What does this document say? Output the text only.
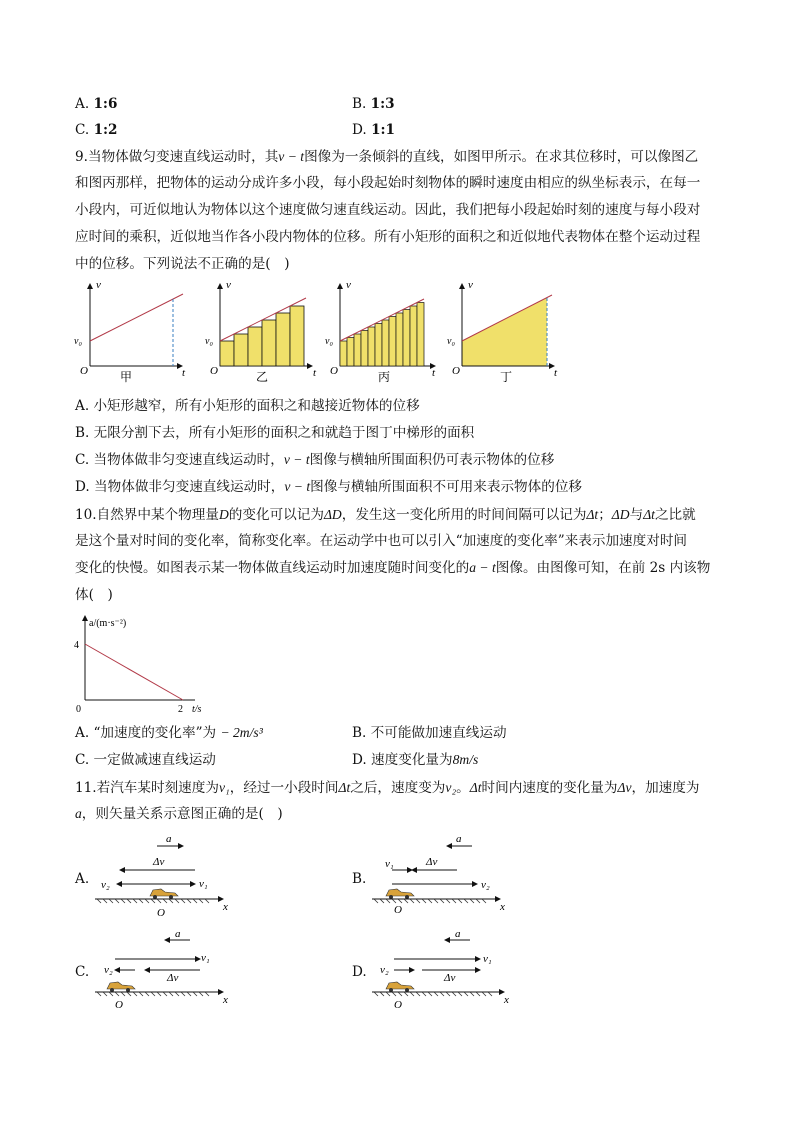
A. 1:6	B. 1:3
C. 1:2	D. 1:1
9.当物体做匀变速直线运动时，其v − t图像为一条倾斜的直线，如图甲所示。在求其位移时，可以像图乙
和图丙那样，把物体的运动分成许多小段，每小段起始时刻物体的瞬时速度由相应的纵坐标表示，在每一
小段内，可近似地认为物体以这个速度做匀速直线运动。因此，我们把每小段起始时刻的速度与每小段对
应时间的乘积，近似地当作各小段内物体的位移。所有小矩形的面积之和近似地代表物体在整个运动过程
中的位移。下列说法不正确的是(　)
v
v₀
O	t
甲
v
v₀
O	t
乙
v
v₀
O	t
丙
v
v₀
O	t
丁
A. 小矩形越窄，所有小矩形的面积之和越接近物体的位移
B. 无限分割下去，所有小矩形的面积之和就趋于图丁中梯形的面积
C. 当物体做非匀变速直线运动时，v − t图像与横轴所围面积仍可表示物体的位移
D. 当物体做非匀变速直线运动时，v − t图像与横轴所围面积不可用来表示物体的位移
10.自然界中某个物理量D的变化可以记为ΔD，发生这一变化所用的时间间隔可以记为Δt；ΔD与Δt之比就
是这个量对时间的变化率，简称变化率。在运动学中也可以引入“加速度的变化率”来表示加速度对时间
变化的快慢。如图表示某一物体做直线运动时加速度随时间变化的a − t图像。由图像可知，在前 2s 内该物
体(　)
a/(m·s⁻²)
4
0	2 t/s
A. “加速度的变化率”为 − 2m/s³	B. 不可能做加速直线运动
C. 一定做减速直线运动	D. 速度变化量为8m/s
11.若汽车某时刻速度为v₁，经过一小段时间Δt之后，速度变为v₂。Δt时间内速度的变化量为Δv，加速度为
a，则矢量关系示意图正确的是(　)
A.
a
Δv
v₂	v₁
O	x
B.
a
Δv
v₁
v₂
O	x
C.
a
v₁
v₂
Δv
O	x
D.
a
v₁
v₂
Δv
O	x
